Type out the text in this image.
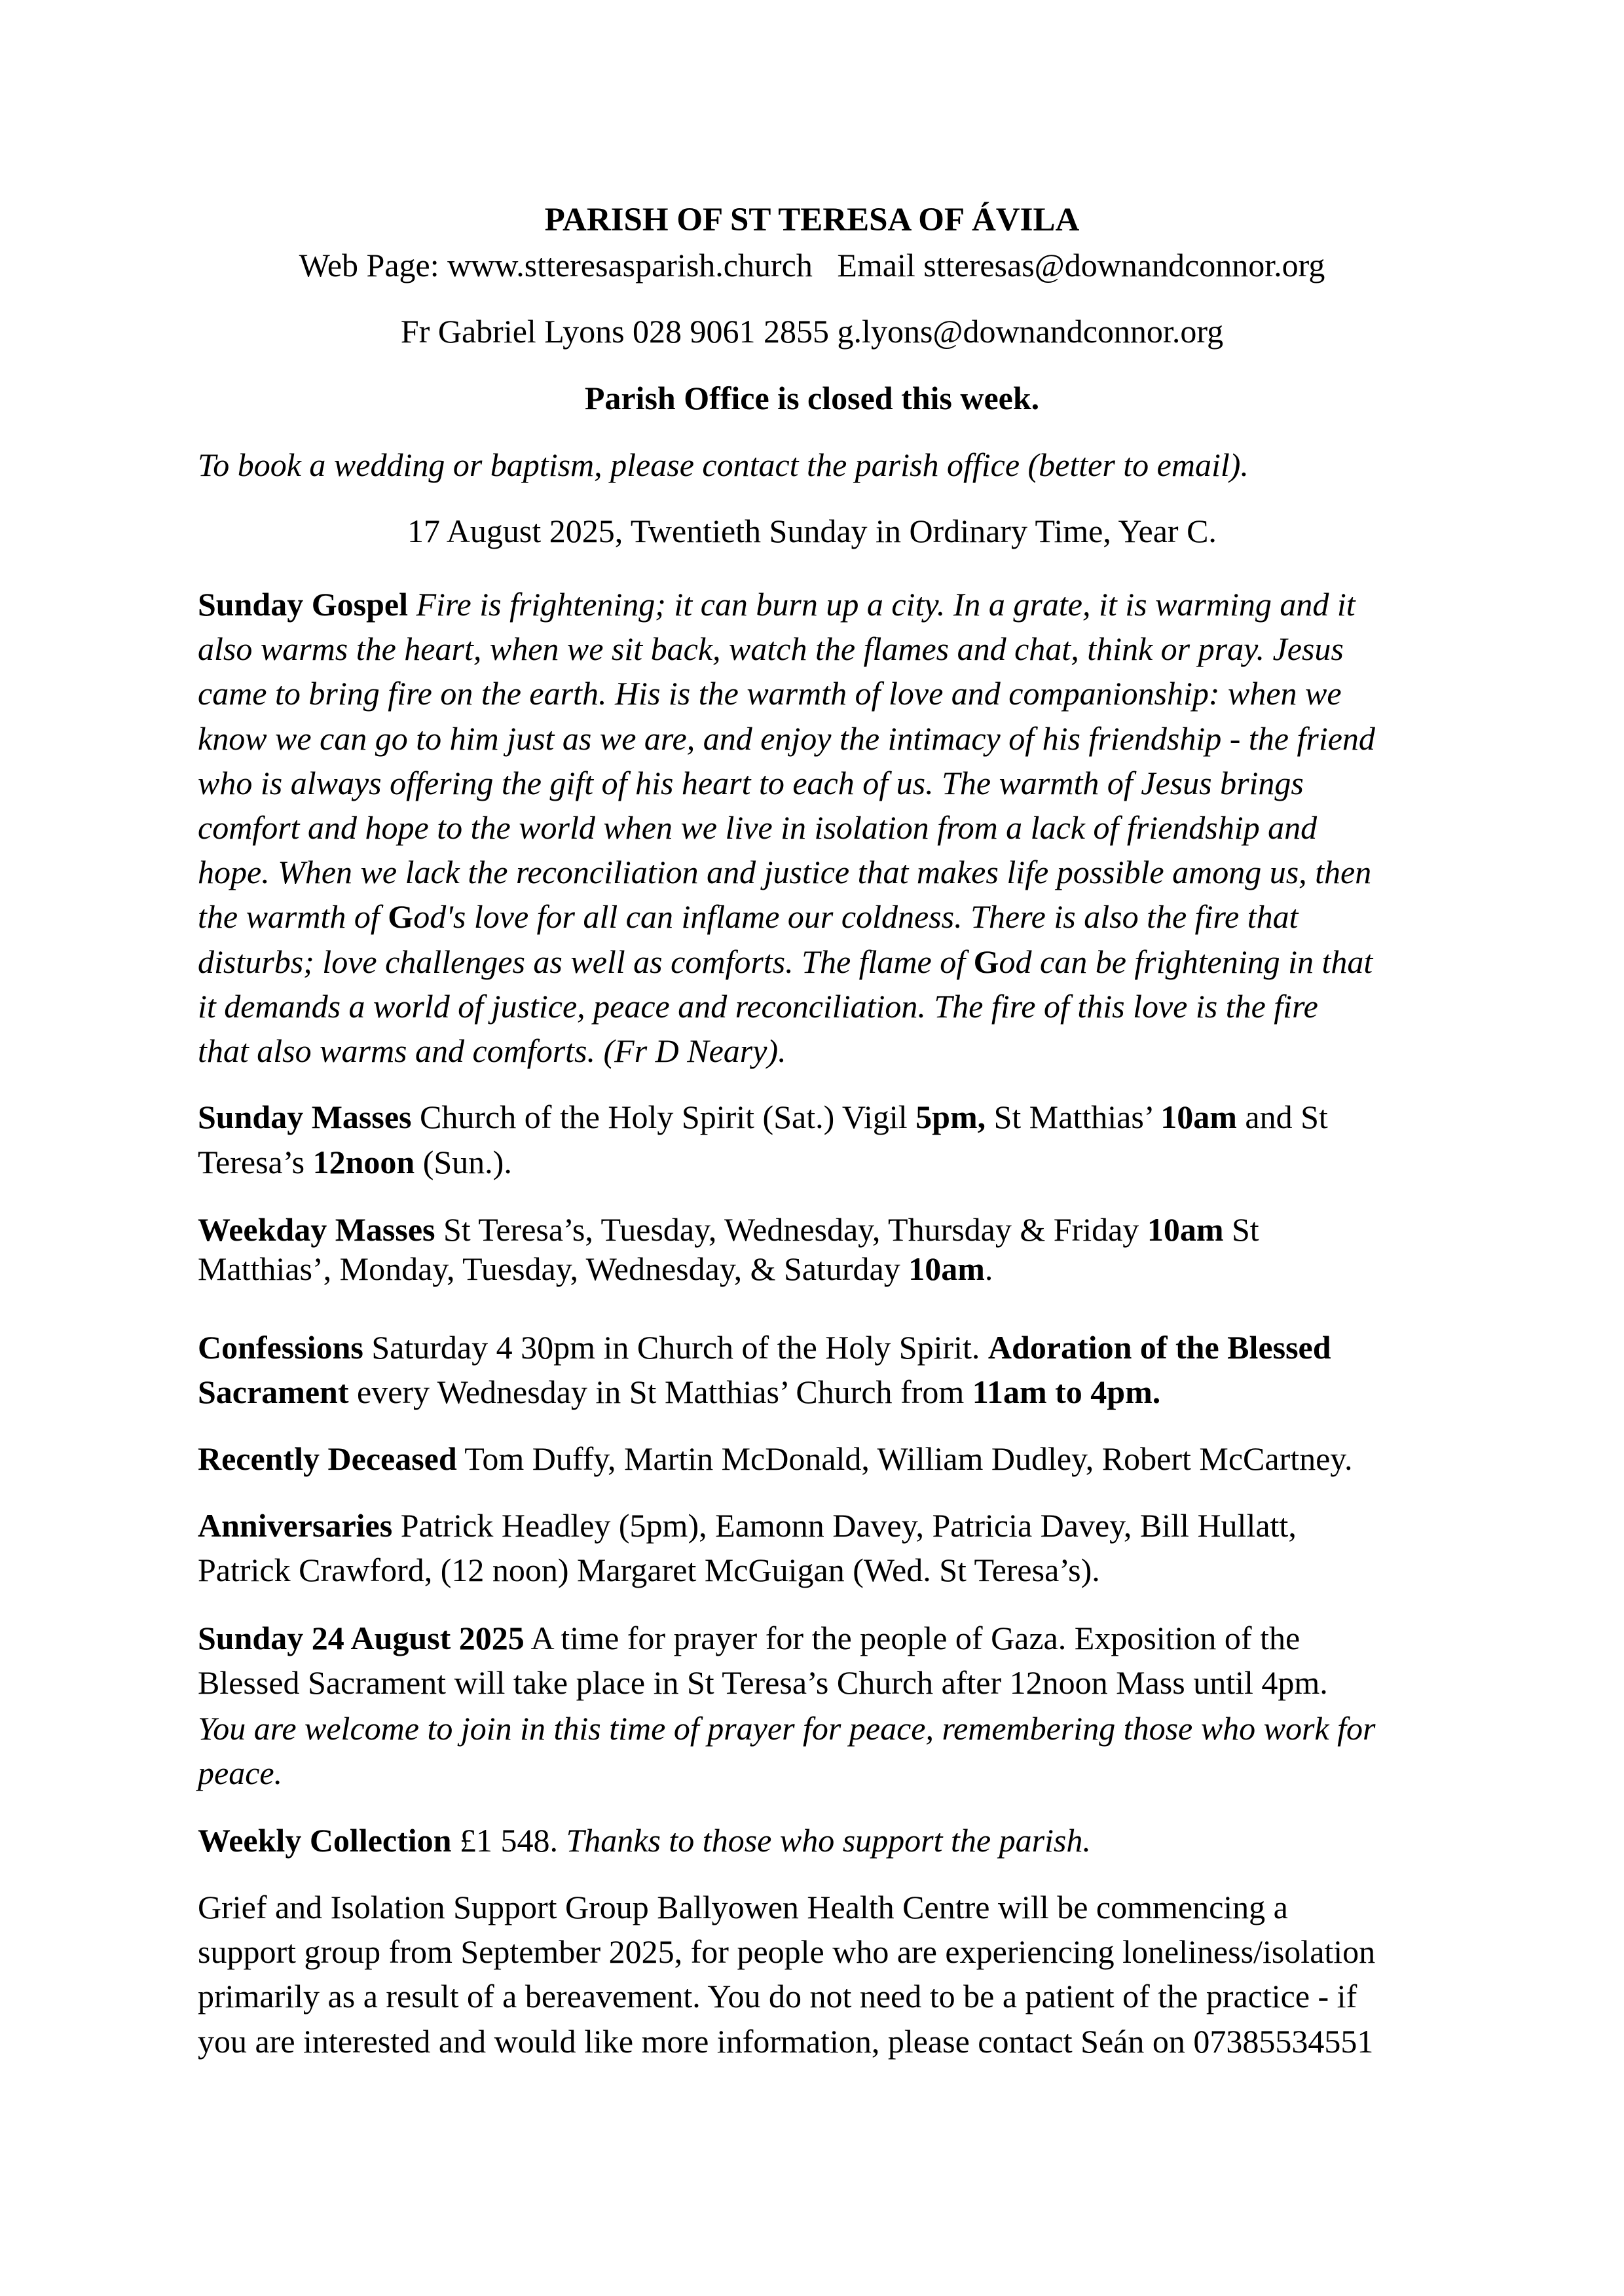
PARISH OF ST TERESA OF ÁVILA

Web Page: www.stteresasparish.church Email stteresas@downandconnor.org

Fr Gabriel Lyons 028 9061 2855 g.lyons@downandconnor.org

Parish Office is closed this week.

To book a wedding or baptism, please contact the parish office (better to email).

17 August 2025, Twentieth Sunday in Ordinary Time, Year C.

Sunday Gospel Fire is frightening; it can burn up a city. In a grate, it is warming and it

also warms the heart, when we sit back, watch the flames and chat, think or pray. Jesus

came to bring fire on the earth. His is the warmth of love and companionship: when we

know we can go to him just as we are, and enjoy the intimacy of his friendship - the friend

who is always offering the gift of his heart to each of us. The warmth of Jesus brings

comfort and hope to the world when we live in isolation from a lack of friendship and

hope. When we lack the reconciliation and justice that makes life possible among us, then

the warmth of God's love for all can inflame our coldness. There is also the fire that

disturbs; love challenges as well as comforts. The flame of God can be frightening in that

it demands a world of justice, peace and reconciliation. The fire of this love is the fire

that also warms and comforts. (Fr D Neary).

Sunday Masses Church of the Holy Spirit (Sat.) Vigil 5pm, St Matthias’ 10am and St

Teresa’s 12noon (Sun.).

Weekday Masses St Teresa’s, Tuesday, Wednesday, Thursday & Friday 10am St

Matthias’, Monday, Tuesday, Wednesday, & Saturday 10am.

Confessions Saturday 4 30pm in Church of the Holy Spirit. Adoration of the Blessed

Sacrament every Wednesday in St Matthias’ Church from 11am to 4pm.

Recently Deceased Tom Duffy, Martin McDonald, William Dudley, Robert McCartney.

Anniversaries Patrick Headley (5pm), Eamonn Davey, Patricia Davey, Bill Hullatt,

Patrick Crawford, (12 noon) Margaret McGuigan (Wed. St Teresa’s).

Sunday 24 August 2025 A time for prayer for the people of Gaza. Exposition of the

Blessed Sacrament will take place in St Teresa’s Church after 12noon Mass until 4pm.

You are welcome to join in this time of prayer for peace, remembering those who work for

peace.

Weekly Collection £1 548. Thanks to those who support the parish.

Grief and Isolation Support Group Ballyowen Health Centre will be commencing a

support group from September 2025, for people who are experiencing loneliness/isolation

primarily as a result of a bereavement. You do not need to be a patient of the practice - if

you are interested and would like more information, please contact Seán on 07385534551
